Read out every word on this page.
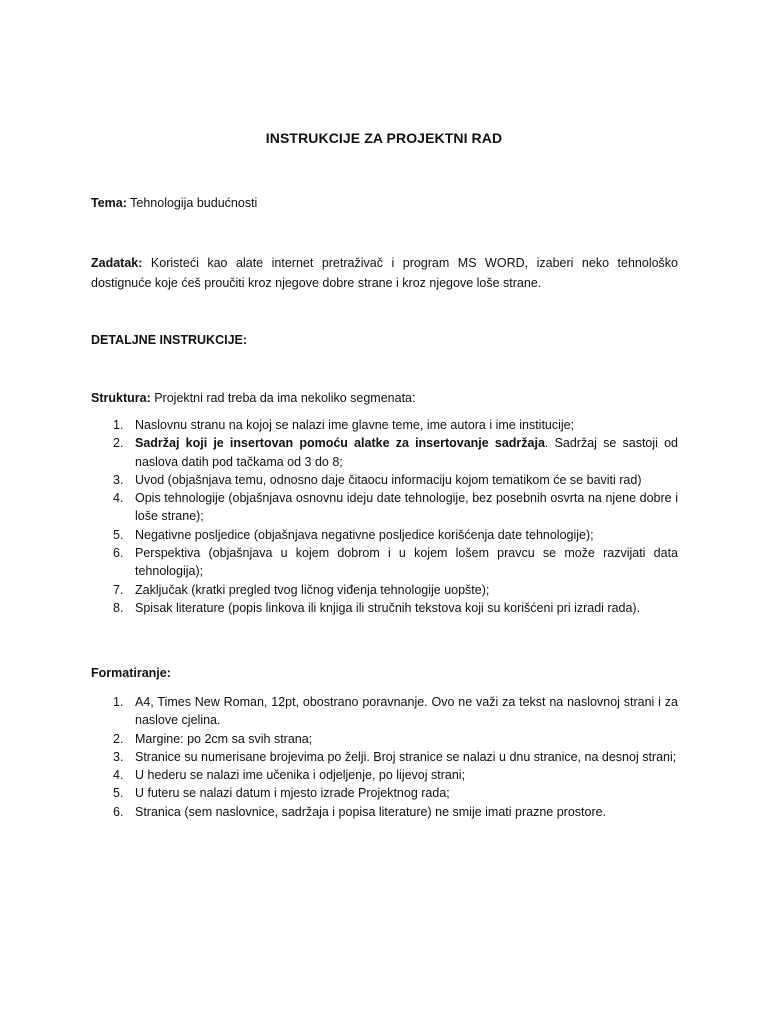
INSTRUKCIJE ZA PROJEKTNI RAD
Tema: Tehnologija budućnosti
Zadatak: Koristeći kao alate internet pretraživač i program MS WORD, izaberi neko tehnološko dostignuće koje ćeš proučiti kroz njegove dobre strane i kroz njegove loše strane.
DETALJNE INSTRUKCIJE:
Struktura: Projektni rad treba da ima nekoliko segmenata:
1. Naslovnu stranu na kojoj se nalazi ime glavne teme, ime autora i ime institucije;
2. Sadržaj koji je insertovan pomoću alatke za insertovanje sadržaja. Sadržaj se sastoji od naslova datih pod tačkama od 3 do 8;
3. Uvod (objašnjava temu, odnosno daje čitaocu informaciju kojom tematikom će se baviti rad)
4. Opis tehnologije (objašnjava osnovnu ideju date tehnologije, bez posebnih osvrta na njene dobre i loše strane);
5. Negativne posljedice (objašnjava negativne posljedice korišćenja date tehnologije);
6. Perspektiva (objašnjava u kojem dobrom i u kojem lošem pravcu se može razvijati data tehnologija);
7. Zaključak (kratki pregled tvog ličnog viđenja tehnologije uopšte);
8. Spisak literature (popis linkova ili knjiga ili stručnih tekstova koji su korišćeni pri izradi rada).
Formatiranje:
1. A4, Times New Roman, 12pt, obostrano poravnanje. Ovo ne važi za tekst na naslovnoj strani i za naslove cjelina.
2. Margine: po 2cm sa svih strana;
3. Stranice su numerisane brojevima po želji. Broj stranice se nalazi u dnu stranice, na desnoj strani;
4. U hederu se nalazi ime učenika i odjeljenje, po lijevoj strani;
5. U futeru se nalazi datum i mjesto izrade Projektnog rada;
6. Stranica (sem naslovnice, sadržaja i popisa literature) ne smije imati prazne prostore.
